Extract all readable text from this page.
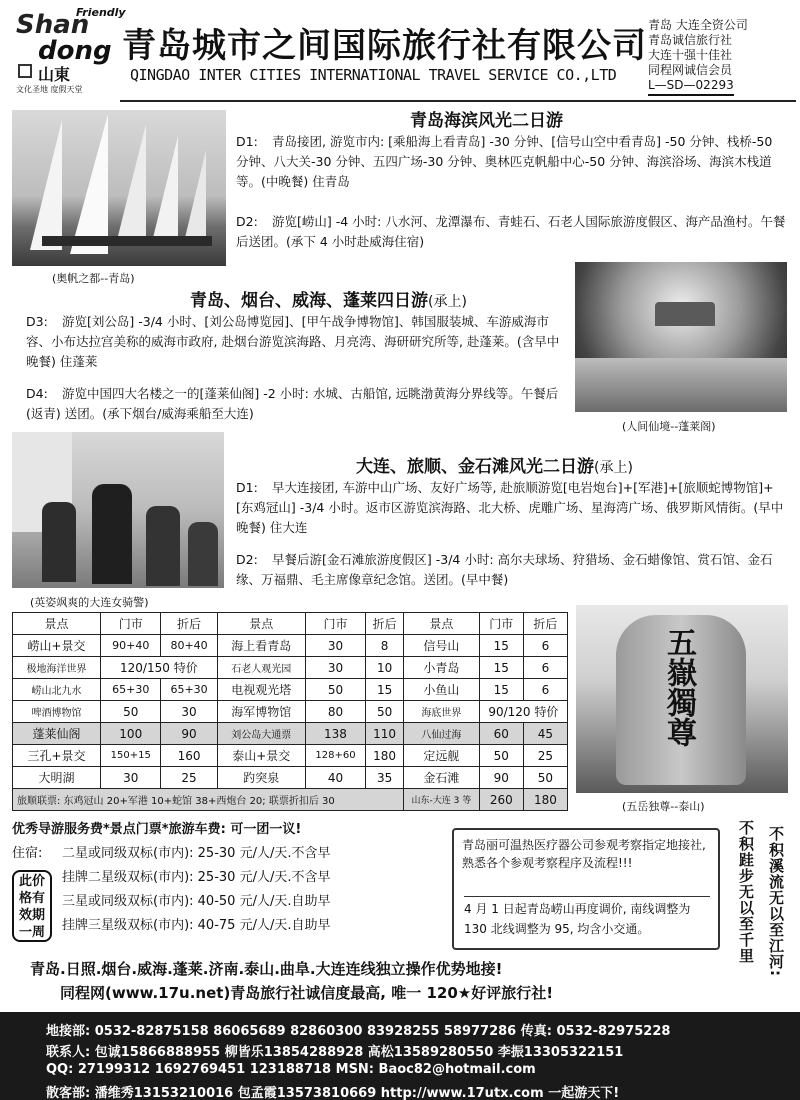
Shan
Friendly
dong
山東
文化圣地 度假天堂
青岛城市之间国际旅行社有限公司
QINGDAO INTER CITIES INTERNATIONAL TRAVEL SERVICE CO.,LTD
青岛 大连全资公司
青岛诚信旅行社
大连十强十佳社
同程网诚信会员
L—SD—02293
(奥帆之都--青岛)
青岛海滨风光二日游
D1: 青岛接团, 游览市内: [乘船海上看青岛] -30 分钟、[信号山空中看青岛] -50 分钟、栈桥-50 分钟、八大关-30 分钟、五四广场-30 分钟、奥林匹克帆船中心-50 分钟、海滨浴场、海滨木栈道等。(中晚餐) 住青岛
D2: 游览[崂山] -4 小时: 八水河、龙潭瀑布、青蛙石、石老人国际旅游度假区、海产品渔村。午餐后送团。(承下 4 小时赴威海住宿)
青岛、烟台、威海、蓬莱四日游(承上)
D3: 游览[刘公岛] -3/4 小时、[刘公岛博览园]、[甲午战争博物馆]、韩国服装城、车游威海市容、小布达拉宫美称的威海市政府, 赴烟台游览滨海路、月亮湾、海研研究所等, 赴蓬莱。(含早中晚餐) 住蓬莱
D4: 游览中国四大名楼之一的[蓬莱仙阁] -2 小时: 水城、古船馆, 远眺渤黄海分界线等。午餐后 (返青) 送团。(承下烟台/威海乘船至大连)
(人间仙境--蓬莱阁)
(英姿飒爽的大连女骑警)
大连、旅顺、金石滩风光二日游(承上)
D1: 早大连接团, 车游中山广场、友好广场等, 赴旅顺游览[电岩炮台]+[军港]+[旅顺蛇博物馆]+[东鸡冠山] -3/4 小时。返市区游览滨海路、北大桥、虎雕广场、星海湾广场、俄罗斯风情街。(早中晚餐) 住大连
D2: 早餐后游[金石滩旅游度假区] -3/4 小时: 高尔夫球场、狩猎场、金石蜡像馆、赏石馆、金石缘、万福鼎、毛主席像章纪念馆。送团。(早中餐)
景点	门市	折后	景点	门市	折后	景点	门市	折后
崂山+景交	90+40	80+40	海上看青岛	30	8	信号山	15	6
极地海洋世界	120/150 特价		石老人观光园	30	10	小青岛	15	6
崂山北九水	65+30	65+30	电视观光塔	50	15	小鱼山	15	6
啤酒博物馆	50	30	海军博物馆	80	50	海底世界	90/120 特价	
蓬莱仙阁	100	90	刘公岛大通票	138	110	八仙过海	60	45
三孔+景交	150+15	160	泰山+景交	128+60	180	定远舰	50	25
大明湖	30	25	趵突泉	40	35	金石滩	90	50
旅顺联票: 东鸡冠山 20+军港 10+蛇馆 38+西炮台 20; 联票折扣后 30						山东-大连 3 等	260	180
五嶽獨尊
(五岳独尊--泰山)
优秀导游服务费*景点门票*旅游车费: 可一团一议!
住宿:
此价格有效期一周
二星或同级双标(市内): 25-30 元/人/天.不含早
挂牌二星级双标(市内): 25-30 元/人/天.不含早
三星或同级双标(市内): 40-50 元/人/天.自助早
挂牌三星级双标(市内): 40-75 元/人/天.自助早
青岛丽可温热医疗器公司参观考察指定地接社, 熟悉各个参观考察程序及流程!!!
4 月 1 日起青岛崂山再度调价, 南线调整为 130 北线调整为 95, 均含小交通。	不积跬步无以至千里 不积溪流无以至江河:
青岛.日照.烟台.威海.蓬莱.济南.泰山.曲阜.大连连线独立操作优势地接!
同程网(www.17u.net)青岛旅行社诚信度最高, 唯一 120★好评旅行社!
地接部: 0532-82875158 86065689 82860300 83928255 58977286 传真: 0532-82975228
联系人: 包诚15866888955 柳皆乐13854288928 高松13589280550 李振13305322151
QQ: 27199312 1692769451 123188718 MSN: Baoc82@hotmail.com
散客部: 潘维秀13153210016 包孟霞13573810669 http://www.17utx.com 一起游天下!
